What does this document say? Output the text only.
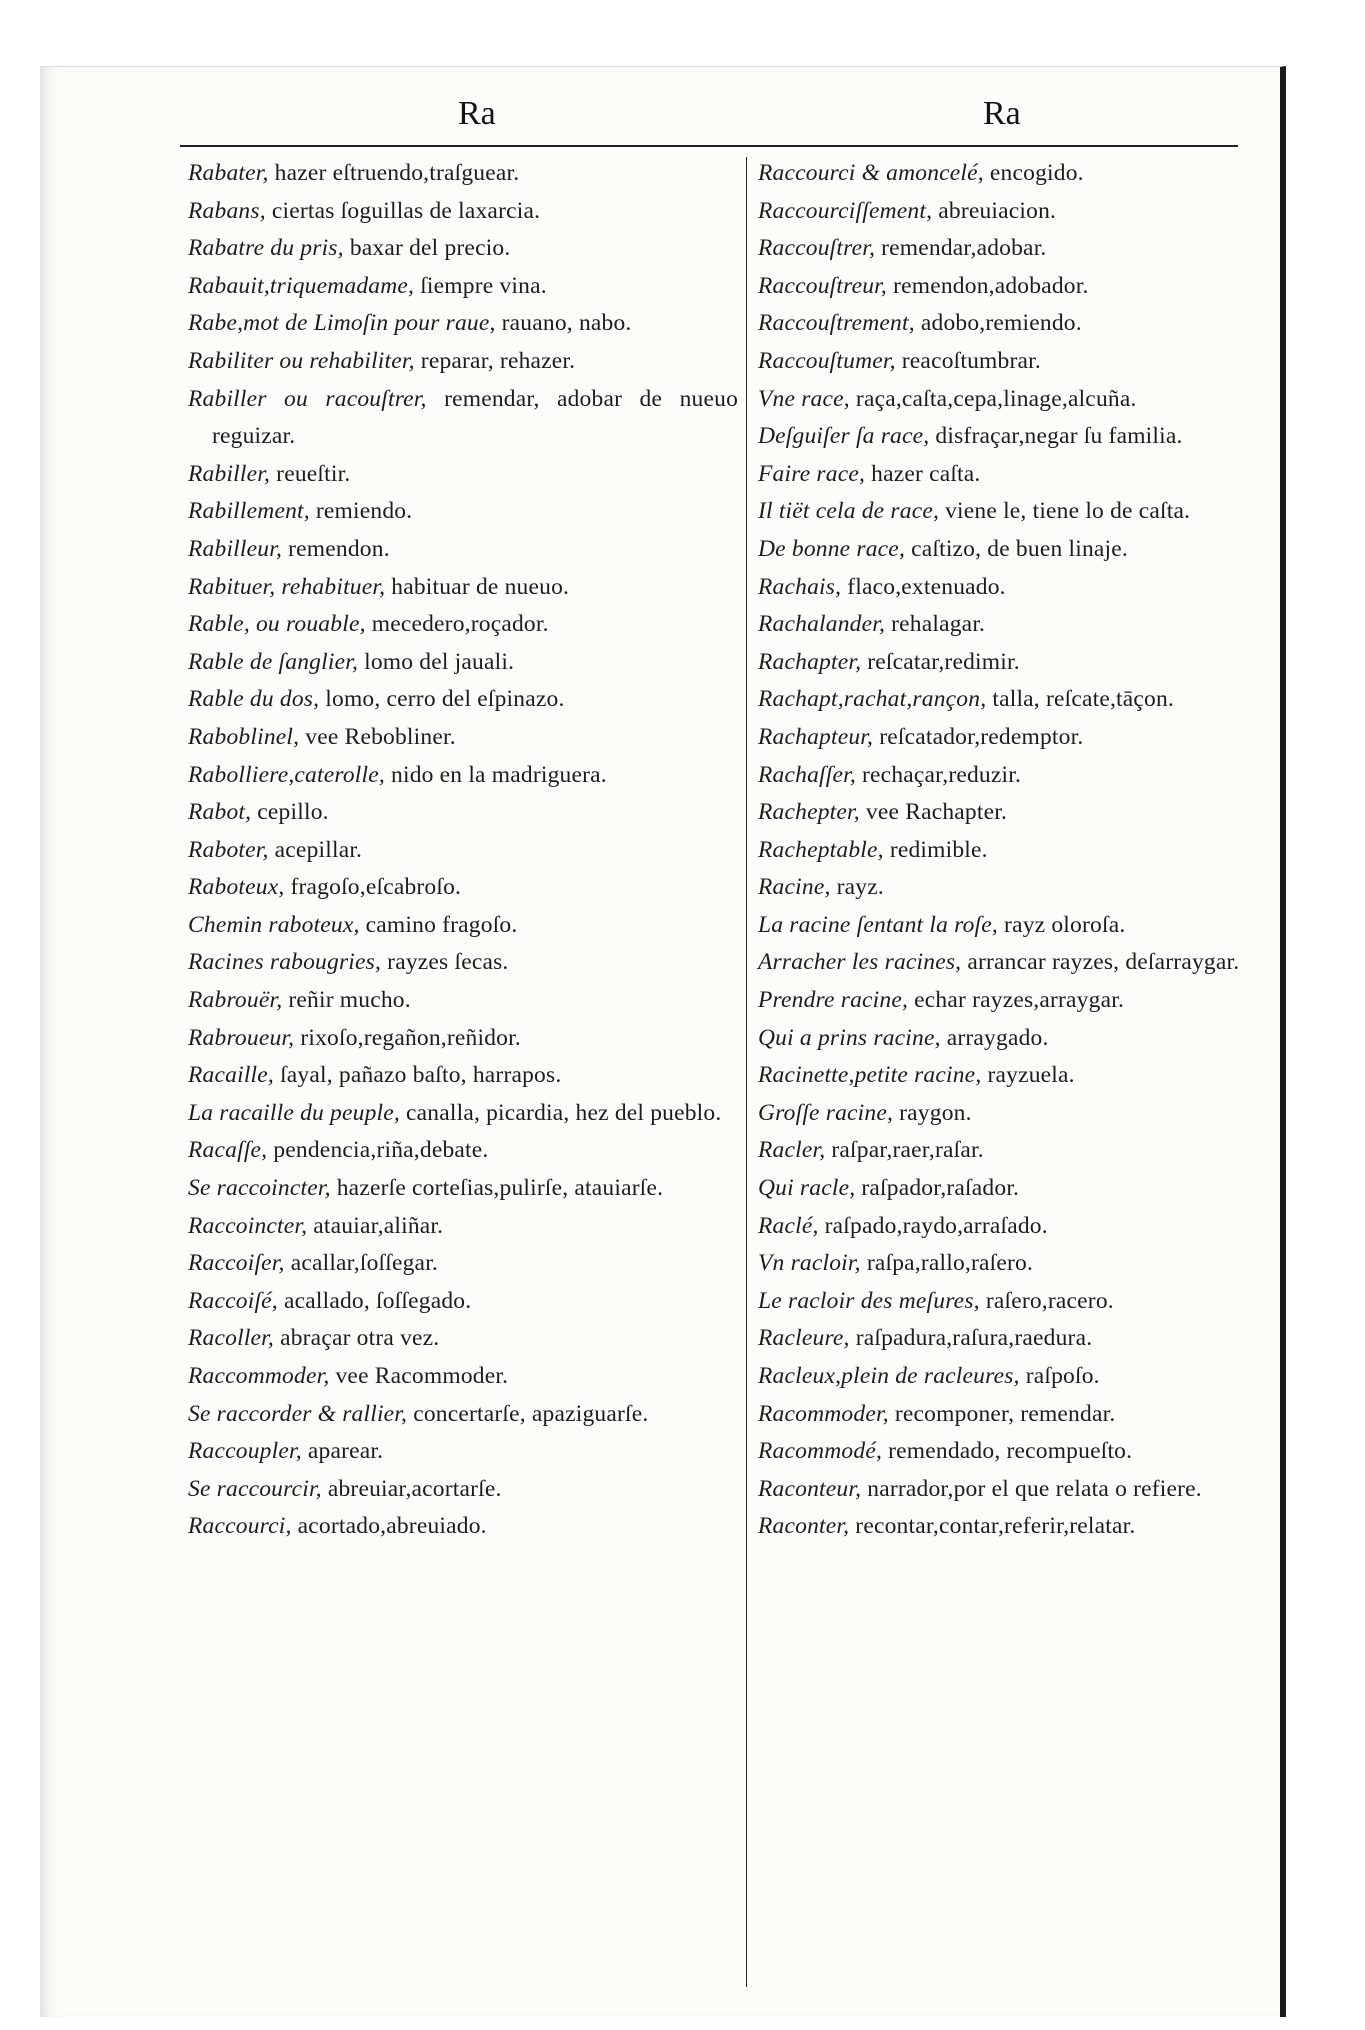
Ra	Ra
Rabater, hazer eſtruendo,traſguear.
Rabans, ciertas ſoguillas de laxarcia.
Rabatre du pris, baxar del precio.
Rabauit,triquemadame, ſiempre vina.
Rabe,mot de Limoſin pour raue, rauano, nabo.
Rabiliter ou rehabiliter, reparar, rehazer.
Rabiller ou racouſtrer, remendar, adobar de nueuo reguizar.
Rabiller, reueſtir.
Rabillement, remiendo.
Rabilleur, remendon.
Rabituer, rehabituer, habituar de nueuo.
Rable, ou rouable, mecedero,roçador.
Rable de ſanglier, lomo del jauali.
Rable du dos, lomo, cerro del eſpinazo.
Raboblinel, vee Rebobliner.
Rabolliere,caterolle, nido en la madriguera.
Rabot, cepillo.
Raboter, acepillar.
Raboteux, fragoſo,eſcabroſo.
Chemin raboteux, camino fragoſo.
Racines rabougries, rayzes ſecas.
Rabrouër, reñir mucho.
Rabroueur, rixoſo,regañon,reñidor.
Racaille, ſayal, pañazo baſto, harrapos.
La racaille du peuple, canalla, picardia, hez del pueblo.
Racaſſe, pendencia,riña,debate.
Se raccoincter, hazerſe corteſias,pulirſe, atauiarſe.
Raccoincter, atauiar,aliñar.
Raccoiſer, acallar,ſoſſegar.
Raccoiſé, acallado, ſoſſegado.
Racoller, abraçar otra vez.
Raccommoder, vee Racommoder.
Se raccorder & rallier, concertarſe, apaziguarſe.
Raccoupler, aparear.
Se raccourcir, abreuiar,acortarſe.
Raccourci, acortado,abreuiado.
Raccourci & amoncelé, encogido.
Raccourciſſement, abreuiacion.
Raccouſtrer, remendar,adobar.
Raccouſtreur, remendon,adobador.
Raccouſtrement, adobo,remiendo.
Raccouſtumer, reacoſtumbrar.
Vne race, raça,caſta,cepa,linage,alcuña.
Deſguiſer ſa race, disfraçar,negar ſu familia.
Faire race, hazer caſta.
Il tiët cela de race, viene le, tiene lo de caſta.
De bonne race, caſtizo, de buen linaje.
Rachais, flaco,extenuado.
Rachalander, rehalagar.
Rachapter, reſcatar,redimir.
Rachapt,rachat,rançon, talla, reſcate,tāçon.
Rachapteur, reſcatador,redemptor.
Rachaſſer, rechaçar,reduzir.
Rachepter, vee Rachapter.
Racheptable, redimible.
Racine, rayz.
La racine ſentant la roſe, rayz oloroſa.
Arracher les racines, arrancar rayzes, deſarraygar.
Prendre racine, echar rayzes,arraygar.
Qui a prins racine, arraygado.
Racinette,petite racine, rayzuela.
Groſſe racine, raygon.
Racler, raſpar,raer,raſar.
Qui racle, raſpador,raſador.
Raclé, raſpado,raydo,arraſado.
Vn racloir, raſpa,rallo,raſero.
Le racloir des meſures, raſero,racero.
Racleure, raſpadura,raſura,raedura.
Racleux,plein de racleures, raſpoſo.
Racommoder, recomponer, remendar.
Racommodé, remendado, recompueſto.
Raconteur, narrador,por el que relata o refiere.
Raconter, recontar,contar,referir,relatar.
